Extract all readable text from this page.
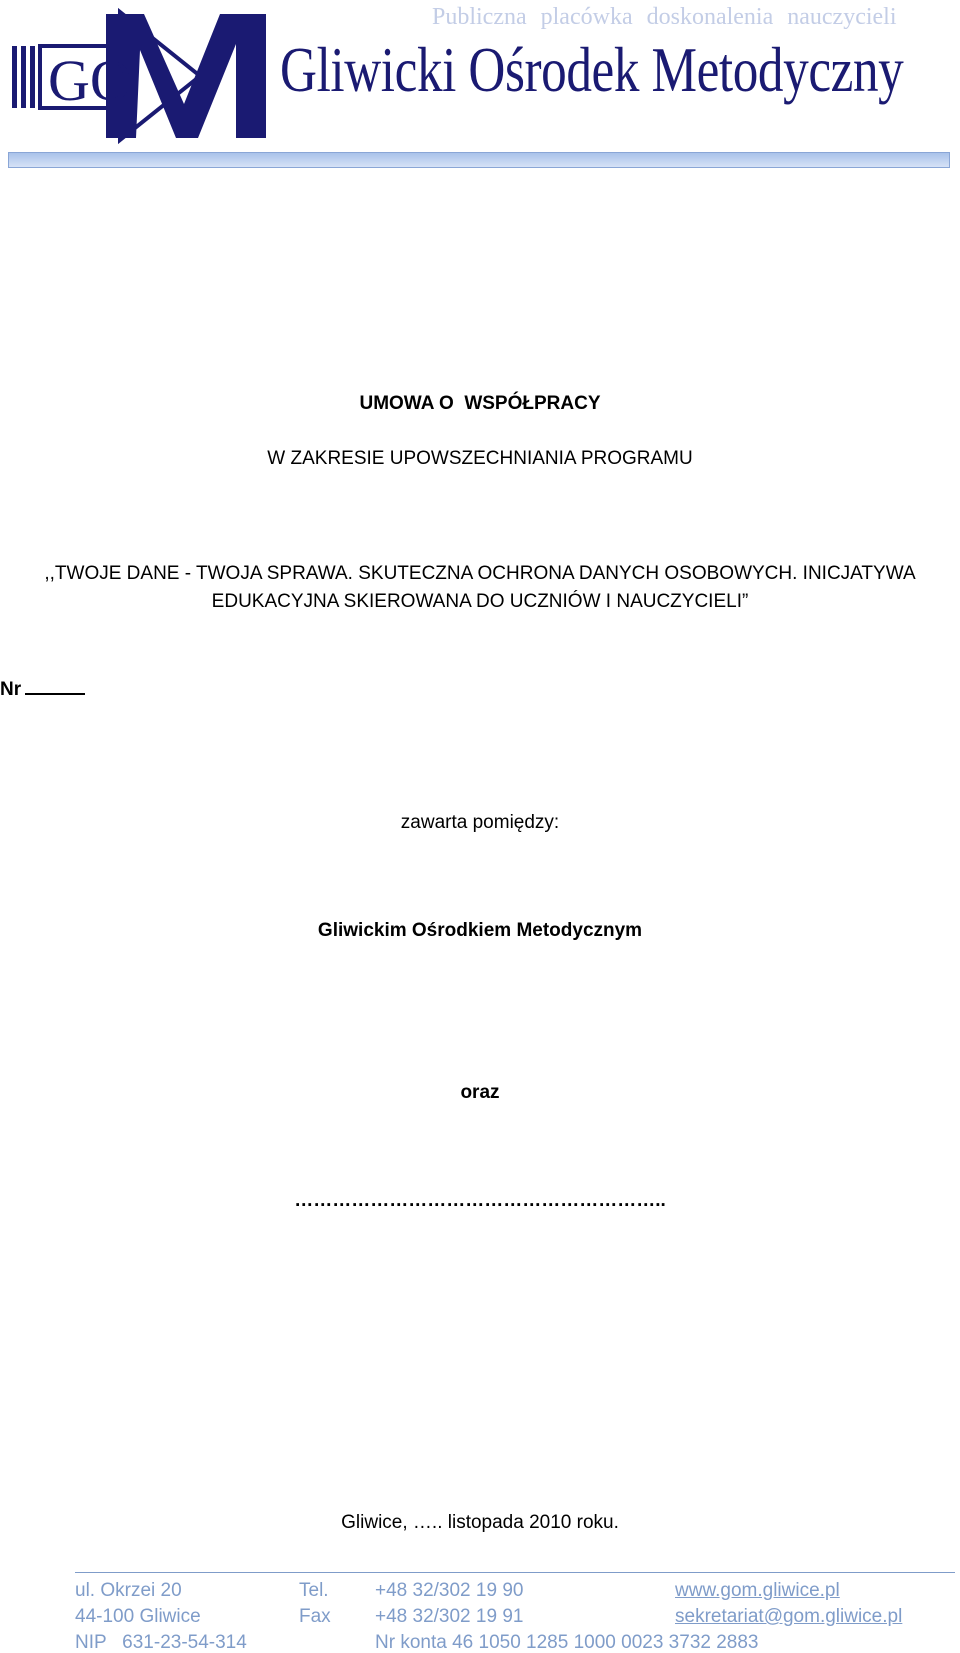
GO
Publiczna placówka doskonalenia nauczycieli
Gliwicki Ośrodek Metodyczny
UMOWA O  WSPÓŁPRACY
W ZAKRESIE UPOWSZECHNIANIA PROGRAMU
,,TWOJE DANE - TWOJA SPRAWA. SKUTECZNA OCHRONA DANYCH OSOBOWYCH. INICJATYWA
EDUKACYJNA SKIEROWANA DO UCZNIÓW I NAUCZYCIELI”
Nr
zawarta pomiędzy:
Gliwickim Ośrodkiem Metodycznym
oraz
…………………………………………………..
Gliwice, ….. listopada 2010 roku.
ul. Okrzei 20
44-100 Gliwice
NIP   631-23-54-314
Tel.
Fax
+48 32/302 19 90
+48 32/302 19 91
Nr konta 46 1050 1285 1000 0023 3732 2883
www.gom.gliwice.pl
sekretariat@gom.gliwice.pl
